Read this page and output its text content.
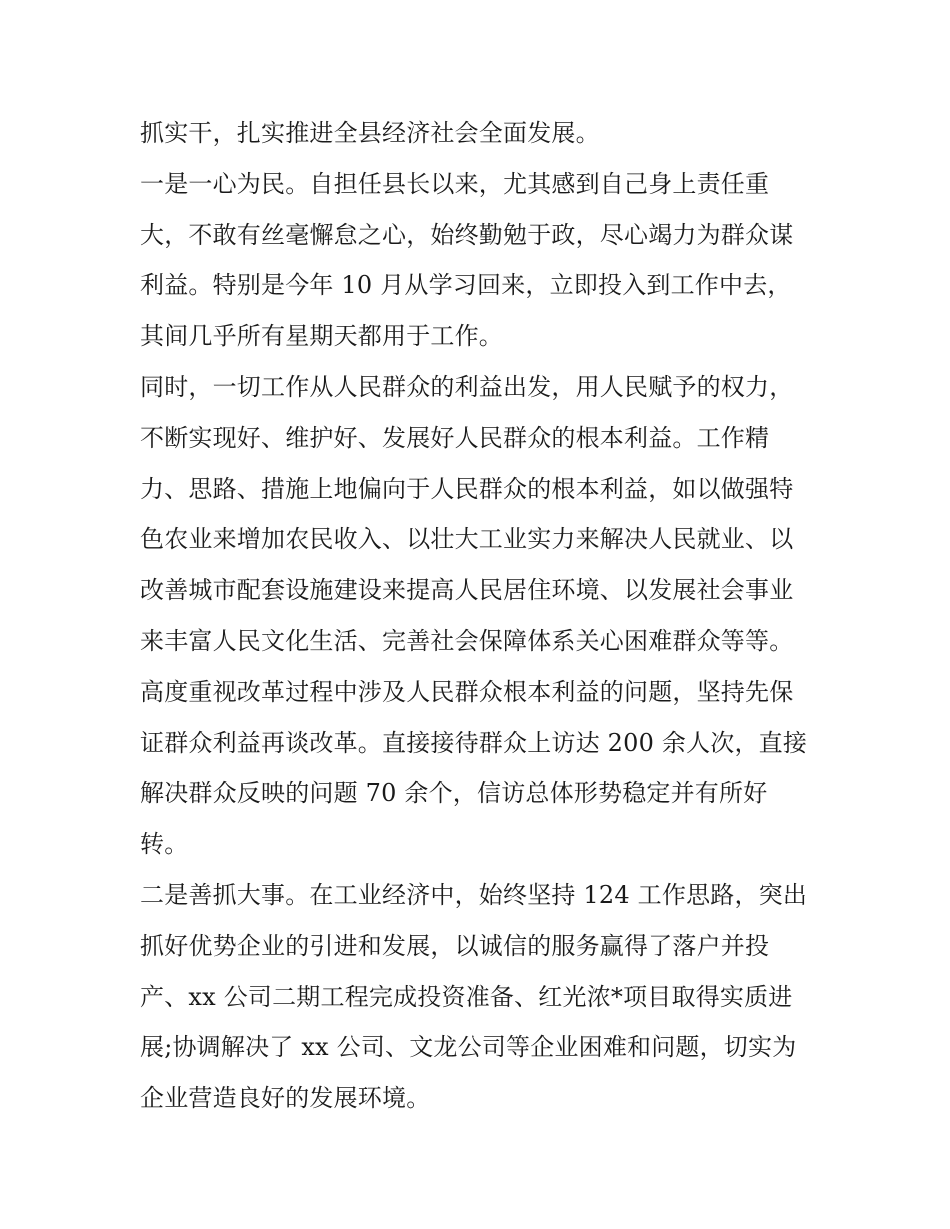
抓实干，扎实推进全县经济社会全面发展。
一是一心为民。自担任县长以来，尤其感到自己身上责任重
大，不敢有丝毫懈怠之心，始终勤勉于政，尽心竭力为群众谋
利益。特别是今年 10 月从学习回来，立即投入到工作中去，
其间几乎所有星期天都用于工作。
同时，一切工作从人民群众的利益出发，用人民赋予的权力，
不断实现好、维护好、发展好人民群众的根本利益。工作精
力、思路、措施上地偏向于人民群众的根本利益，如以做强特
色农业来增加农民收入、以壮大工业实力来解决人民就业、以
改善城市配套设施建设来提高人民居住环境、以发展社会事业
来丰富人民文化生活、完善社会保障体系关心困难群众等等。
高度重视改革过程中涉及人民群众根本利益的问题，坚持先保
证群众利益再谈改革。直接接待群众上访达 200 余人次，直接
解决群众反映的问题 70 余个，信访总体形势稳定并有所好
转。
二是善抓大事。在工业经济中，始终坚持 124 工作思路，突出
抓好优势企业的引进和发展，以诚信的服务赢得了落户并投
产、xx 公司二期工程完成投资准备、红光浓*项目取得实质进
展;协调解决了 xx 公司、文龙公司等企业困难和问题，切实为
企业营造良好的发展环境。
